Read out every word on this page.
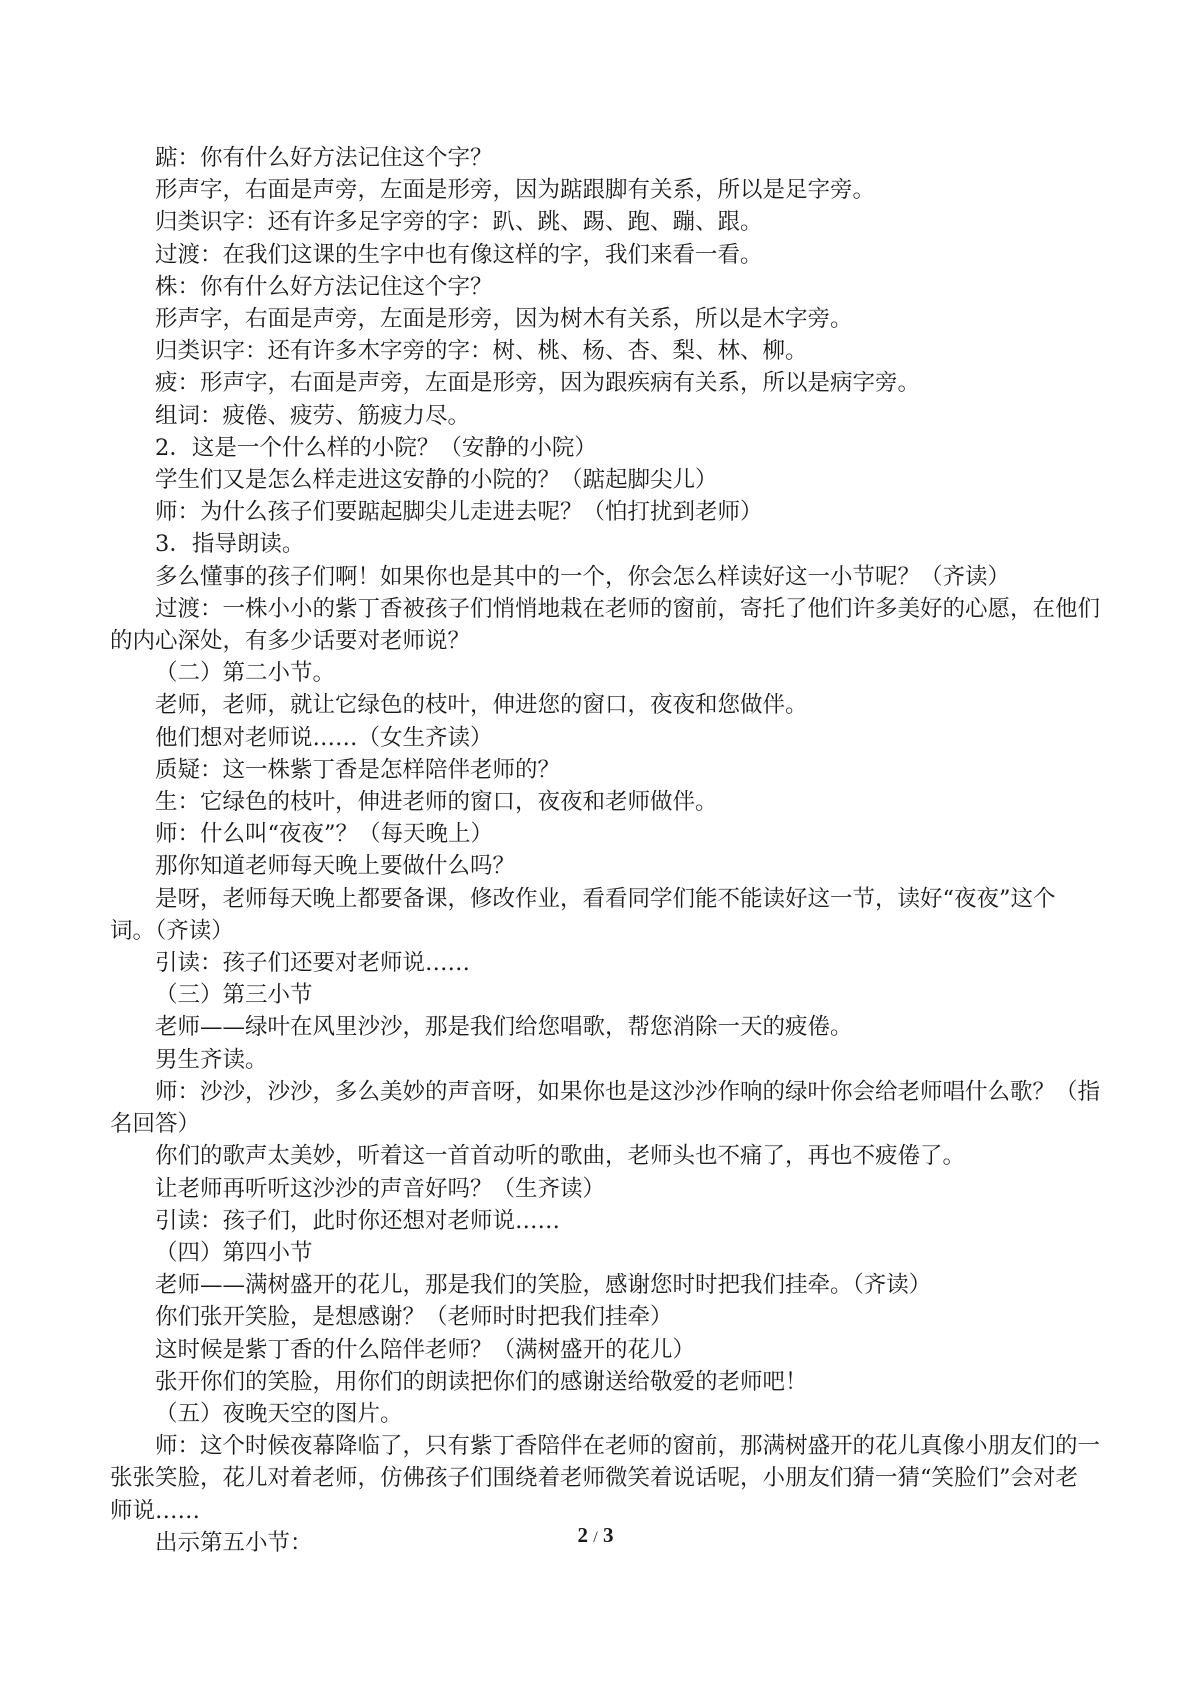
踮：你有什么好方法记住这个字？

形声字，右面是声旁，左面是形旁，因为踮跟脚有关系，所以是足字旁。

归类识字：还有许多足字旁的字：趴、跳、踢、跑、蹦、跟。

过渡：在我们这课的生字中也有像这样的字，我们来看一看。

株：你有什么好方法记住这个字？

形声字，右面是声旁，左面是形旁，因为树木有关系，所以是木字旁。

归类识字：还有许多木字旁的字：树、桃、杨、杏、梨、林、柳。

疲：形声字，右面是声旁，左面是形旁，因为跟疾病有关系，所以是病字旁。

组词：疲倦、疲劳、筋疲力尽。

2．这是一个什么样的小院？（安静的小院）

学生们又是怎么样走进这安静的小院的？（踮起脚尖儿）

师：为什么孩子们要踮起脚尖儿走进去呢？（怕打扰到老师）

3．指导朗读。

多么懂事的孩子们啊！如果你也是其中的一个，你会怎么样读好这一小节呢？（齐读）

过渡：一株小小的紫丁香被孩子们悄悄地栽在老师的窗前，寄托了他们许多美好的心愿，在他们的内心深处，有多少话要对老师说？

（二）第二小节。

老师，老师，就让它绿色的枝叶，伸进您的窗口，夜夜和您做伴。

他们想对老师说……（女生齐读）

质疑：这一株紫丁香是怎样陪伴老师的？

生：它绿色的枝叶，伸进老师的窗口，夜夜和老师做伴。

师：什么叫“夜夜”？（每天晚上）

那你知道老师每天晚上要做什么吗？

是呀，老师每天晚上都要备课，修改作业，看看同学们能不能读好这一节，读好“夜夜”这个词。（齐读）

引读：孩子们还要对老师说……

（三）第三小节

老师——绿叶在风里沙沙，那是我们给您唱歌，帮您消除一天的疲倦。

男生齐读。

师：沙沙，沙沙，多么美妙的声音呀，如果你也是这沙沙作响的绿叶你会给老师唱什么歌？（指名回答）

你们的歌声太美妙，听着这一首首动听的歌曲，老师头也不痛了，再也不疲倦了。

让老师再听听这沙沙的声音好吗？（生齐读）

引读：孩子们，此时你还想对老师说……

（四）第四小节

老师——满树盛开的花儿，那是我们的笑脸，感谢您时时把我们挂牵。（齐读）

你们张开笑脸，是想感谢？（老师时时把我们挂牵）

这时候是紫丁香的什么陪伴老师？（满树盛开的花儿）

张开你们的笑脸，用你们的朗读把你们的感谢送给敬爱的老师吧！

（五）夜晚天空的图片。

师：这个时候夜幕降临了，只有紫丁香陪伴在老师的窗前，那满树盛开的花儿真像小朋友们的一张张笑脸，花儿对着老师，仿佛孩子们围绕着老师微笑着说话呢，小朋友们猜一猜“笑脸们”会对老师说……

出示第五小节：	2 / 3
